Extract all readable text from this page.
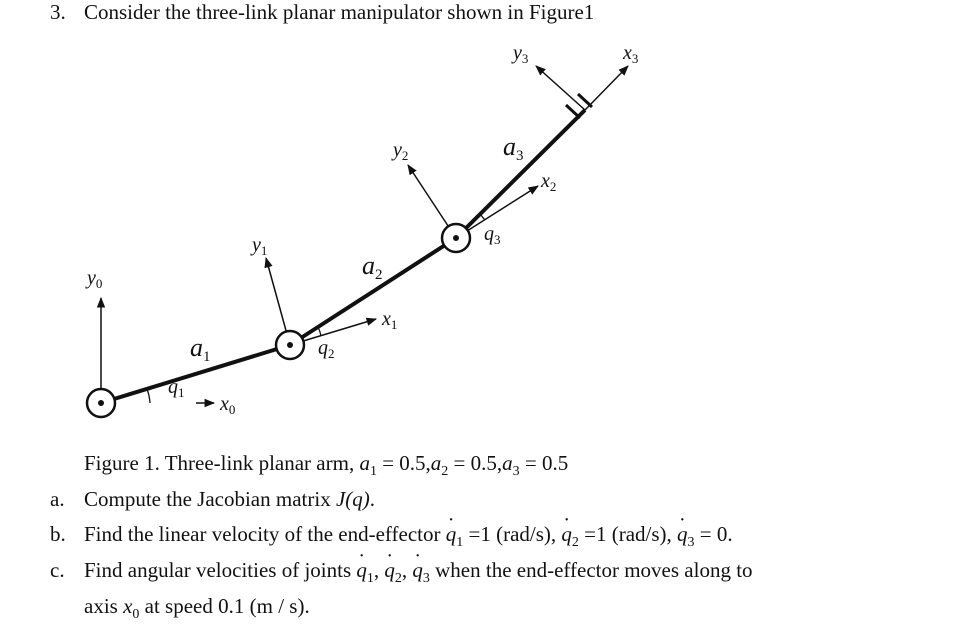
3. Consider the three-link planar manipulator shown in Figure1
$y_0$
$x_0$
$y_1$
$x_1$
$y_2$
$x_2$
$y_3$	$x_3$
$a_1$
$a_2$
$a_3$
$q_1$
$q_2$
$q_3$
Figure 1. Three-link planar arm, $a_1 = 0.5,a_2 = 0.5,a_3 = 0.5$
a. Compute the Jacobian matrix J(q).
b. Find the linear velocity of the end-effector · $q_1 =1$ (rad/s), · $q_2 =1$ (rad/s), · $q_3 = 0$.
c. Find angular velocities of joints · $q_1$, · $q_2$, · $q_3$ when the end-effector moves along to
axis $x_0$ at speed 0.1 (m / s).
